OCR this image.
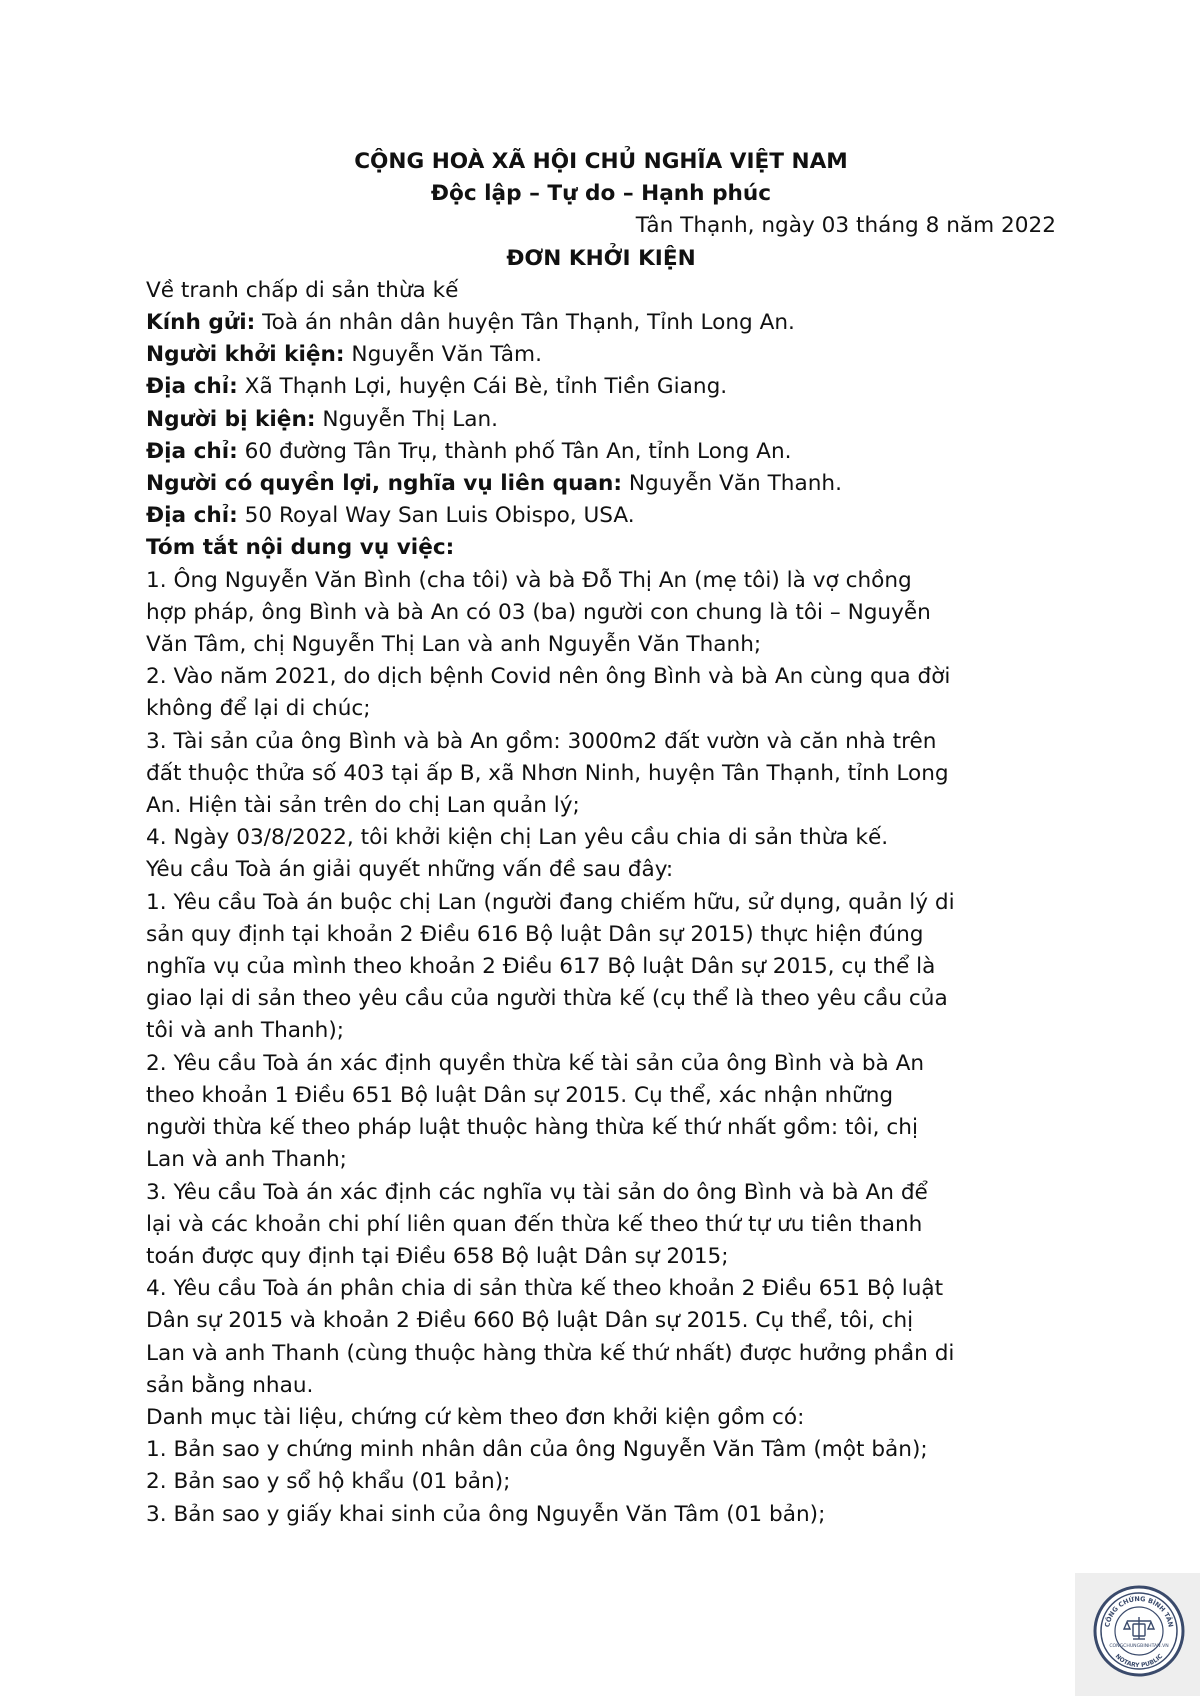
CỘNG HOÀ XÃ HỘI CHỦ NGHĨA VIỆT NAM
Độc lập – Tự do – Hạnh phúc
Tân Thạnh, ngày 03 tháng 8 năm 2022
ĐƠN KHỞI KIỆN
Về tranh chấp di sản thừa kế
Kính gửi: Toà án nhân dân huyện Tân Thạnh, Tỉnh Long An.
Người khởi kiện: Nguyễn Văn Tâm.
Địa chỉ: Xã Thạnh Lợi, huyện Cái Bè, tỉnh Tiền Giang.
Người bị kiện: Nguyễn Thị Lan.
Địa chỉ: 60 đường Tân Trụ, thành phố Tân An, tỉnh Long An.
Người có quyền lợi, nghĩa vụ liên quan: Nguyễn Văn Thanh.
Địa chỉ: 50 Royal Way San Luis Obispo, USA.
Tóm tắt nội dung vụ việc:
1. Ông Nguyễn Văn Bình (cha tôi) và bà Đỗ Thị An (mẹ tôi) là vợ chồng
hợp pháp, ông Bình và bà An có 03 (ba) người con chung là tôi – Nguyễn
Văn Tâm, chị Nguyễn Thị Lan và anh Nguyễn Văn Thanh;
2. Vào năm 2021, do dịch bệnh Covid nên ông Bình và bà An cùng qua đời
không để lại di chúc;
3. Tài sản của ông Bình và bà An gồm: 3000m2 đất vườn và căn nhà trên
đất thuộc thửa số 403 tại ấp B, xã Nhơn Ninh, huyện Tân Thạnh, tỉnh Long
An. Hiện tài sản trên do chị Lan quản lý;
4. Ngày 03/8/2022, tôi khởi kiện chị Lan yêu cầu chia di sản thừa kế.
Yêu cầu Toà án giải quyết những vấn đề sau đây:
1. Yêu cầu Toà án buộc chị Lan (người đang chiếm hữu, sử dụng, quản lý di
sản quy định tại khoản 2 Điều 616 Bộ luật Dân sự 2015) thực hiện đúng
nghĩa vụ của mình theo khoản 2 Điều 617 Bộ luật Dân sự 2015, cụ thể là
giao lại di sản theo yêu cầu của người thừa kế (cụ thể là theo yêu cầu của
tôi và anh Thanh);
2. Yêu cầu Toà án xác định quyền thừa kế tài sản của ông Bình và bà An
theo khoản 1 Điều 651 Bộ luật Dân sự 2015. Cụ thể, xác nhận những
người thừa kế theo pháp luật thuộc hàng thừa kế thứ nhất gồm: tôi, chị
Lan và anh Thanh;
3. Yêu cầu Toà án xác định các nghĩa vụ tài sản do ông Bình và bà An để
lại và các khoản chi phí liên quan đến thừa kế theo thứ tự ưu tiên thanh
toán được quy định tại Điều 658 Bộ luật Dân sự 2015;
4. Yêu cầu Toà án phân chia di sản thừa kế theo khoản 2 Điều 651 Bộ luật
Dân sự 2015 và khoản 2 Điều 660 Bộ luật Dân sự 2015. Cụ thể, tôi, chị
Lan và anh Thanh (cùng thuộc hàng thừa kế thứ nhất) được hưởng phần di
sản bằng nhau.
Danh mục tài liệu, chứng cứ kèm theo đơn khởi kiện gồm có:
1. Bản sao y chứng minh nhân dân của ông Nguyễn Văn Tâm (một bản);
2. Bản sao y sổ hộ khẩu (01 bản);
3. Bản sao y giấy khai sinh của ông Nguyễn Văn Tâm (01 bản);
CÔNG CHỨNG BÌNH TÂN
NOTARY PUBLIC
CONGCHUNGBINHTAN.VN
